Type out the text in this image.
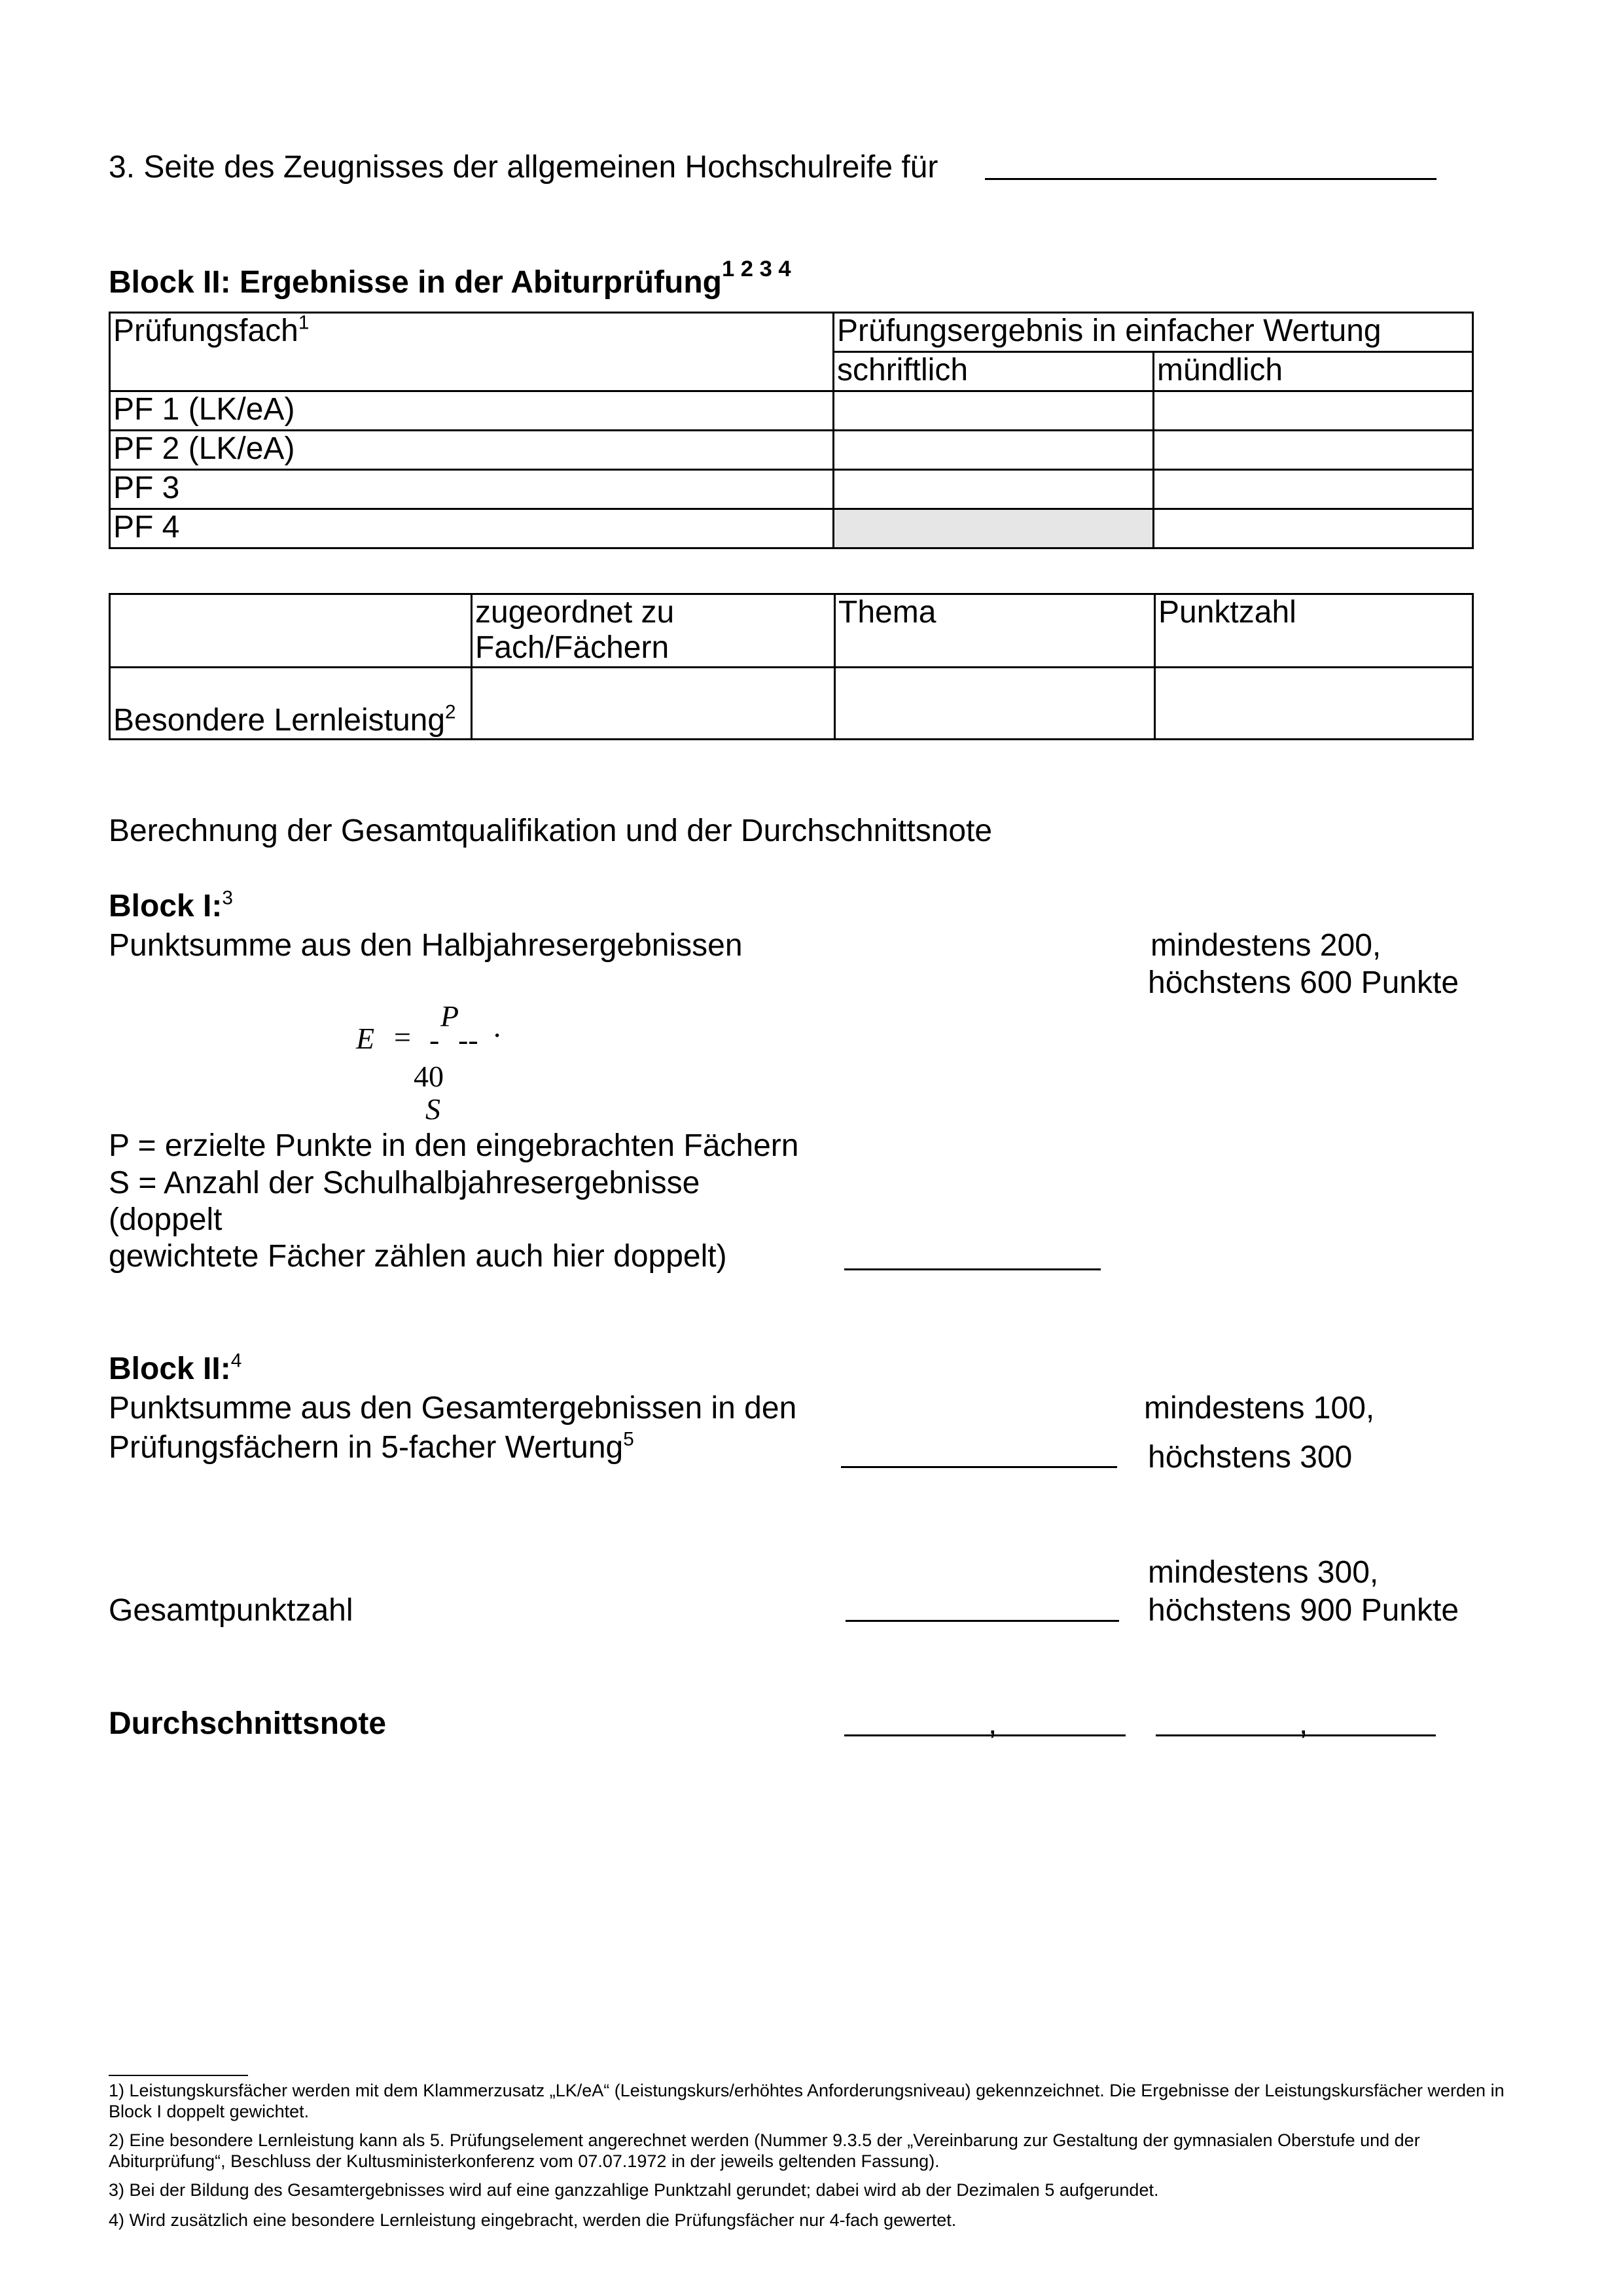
3. Seite des Zeugnisses der allgemeinen Hochschulreife für
Block II: Ergebnisse in der Abiturprüfung$^{1 2 3 4}$
Prüfungsfach$^1$	Prüfungsergebnis in einfacher Wertung	
	schriftlich	mündlich
PF 1 (LK/eA)		
PF 2 (LK/eA)		
PF 3		
PF 4		
	zugeordnet zu Fach/Fächern	Thema	Punktzahl
Besondere Lernleistung$^2$			
Berechnung der Gesamtqualifikation und der Durchschnittsnote
Block I:$^3$
Punktsumme aus den Halbjahresergebnissen	mindestens 200,
höchstens 600 Punkte
E =
P
- -- ·
40
S
P = erzielte Punkte in den eingebrachten Fächern
S = Anzahl der Schulhalbjahresergebnisse
(doppelt
gewichtete Fächer zählen auch hier doppelt)
Block II:$^4$
Punktsumme aus den Gesamtergebnissen in den
Prüfungsfächern in 5-facher Wertung$^5$
mindestens 100,
höchstens 300
mindestens 300,
Gesamtpunktzahl	höchstens 900 Punkte
Durchschnittsnote	,	,
1) Leistungskursfächer werden mit dem Klammerzusatz „LK/eA“ (Leistungskurs/erhöhtes Anforderungsniveau) gekennzeichnet. Die Ergebnisse der Leistungskursfächer werden in Block I doppelt gewichtet.
2) Eine besondere Lernleistung kann als 5. Prüfungselement angerechnet werden (Nummer 9.3.5 der „Vereinbarung zur Gestaltung der gymnasialen Oberstufe und der Abiturprüfung“, Beschluss der Kultusministerkonferenz vom 07.07.1972 in der jeweils geltenden Fassung).
3) Bei der Bildung des Gesamtergebnisses wird auf eine ganzzahlige Punktzahl gerundet; dabei wird ab der Dezimalen 5 aufgerundet.
4) Wird zusätzlich eine besondere Lernleistung eingebracht, werden die Prüfungsfächer nur 4-fach gewertet.
